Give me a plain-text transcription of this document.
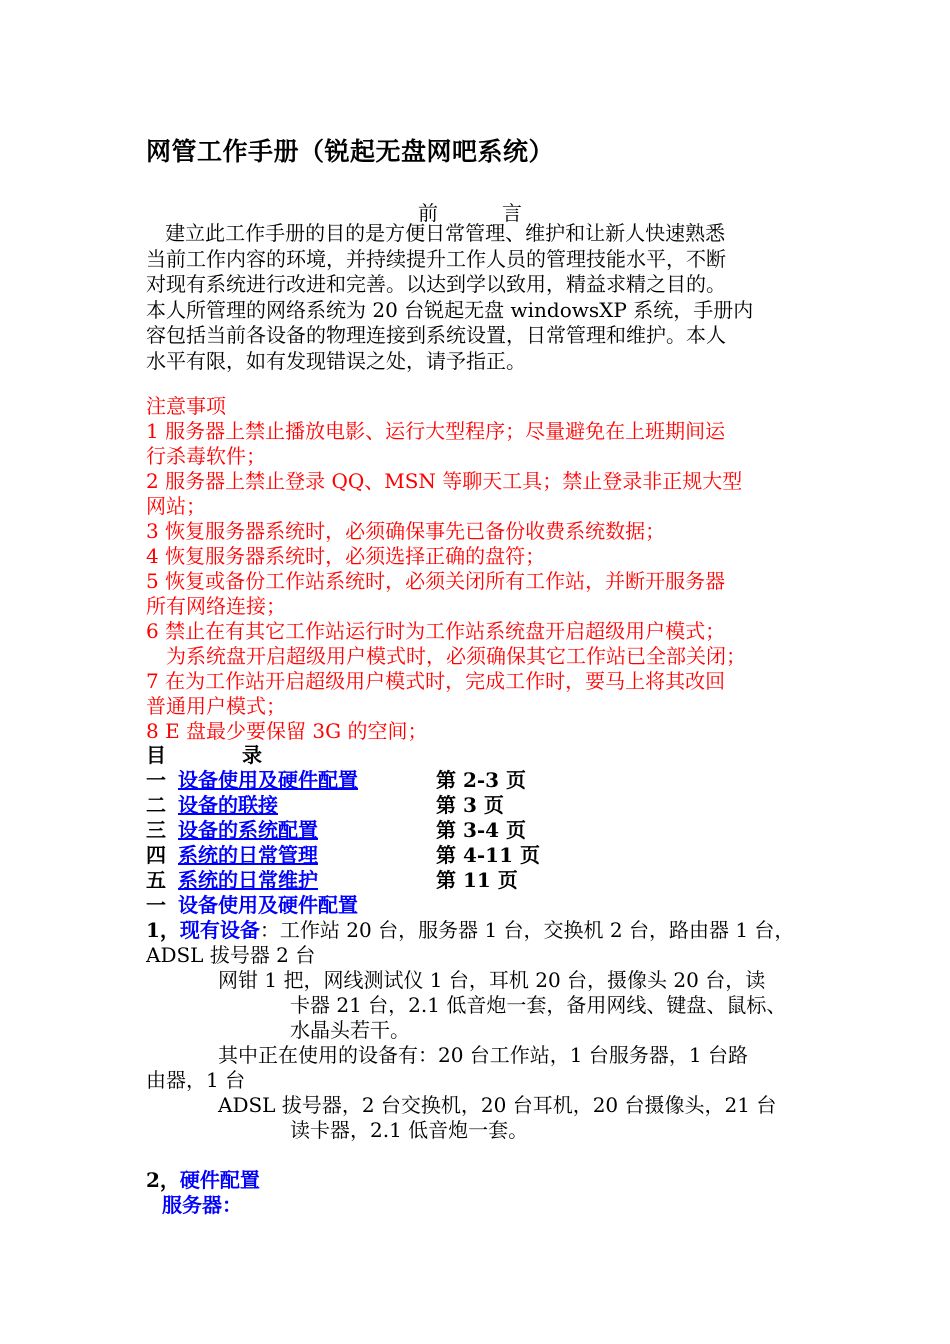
网管工作手册（锐起无盘网吧系统）
前	言
建立此工作手册的目的是方便日常管理、维护和让新人快速熟悉
当前工作内容的环境，并持续提升工作人员的管理技能水平，不断
对现有系统进行改进和完善。以达到学以致用，精益求精之目的。
本人所管理的网络系统为 20 台锐起无盘 windowsXP 系统，手册内
容包括当前各设备的物理连接到系统设置，日常管理和维护。本人
水平有限，如有发现错误之处，请予指正。
注意事项
1 服务器上禁止播放电影、运行大型程序；尽量避免在上班期间运
行杀毒软件；
2 服务器上禁止登录 QQ、MSN 等聊天工具；禁止登录非正规大型
网站；
3 恢复服务器系统时，必须确保事先已备份收费系统数据；
4 恢复服务器系统时，必须选择正确的盘符；
5 恢复或备份工作站系统时，必须关闭所有工作站，并断开服务器
所有网络连接；
6 禁止在有其它工作站运行时为工作站系统盘开启超级用户模式；
为系统盘开启超级用户模式时，必须确保其它工作站已全部关闭；
7 在为工作站开启超级用户模式时，完成工作时，要马上将其改回
普通用户模式；
8 E 盘最少要保留 3G 的空间；
目	录
一 设备使用及硬件配置	第 2-3 页
二 设备的联接	第 3 页
三 设备的系统配置	第 3-4 页
四 系统的日常管理	第 4-11 页
五 系统的日常维护	第 11 页
一 设备使用及硬件配置
1，现有设备：工作站 20 台，服务器 1 台，交换机 2 台，路由器 1 台，
ADSL 拔号器 2 台
网钳 1 把，网线测试仪 1 台，耳机 20 台，摄像头 20 台，读
卡器 21 台，2.1 低音炮一套，备用网线、键盘、鼠标、
水晶头若干。
其中正在使用的设备有：20 台工作站，1 台服务器，1 台路
由器，1 台
ADSL 拔号器，2 台交换机，20 台耳机，20 台摄像头，21 台
读卡器，2.1 低音炮一套。
2，硬件配置
服务器：
